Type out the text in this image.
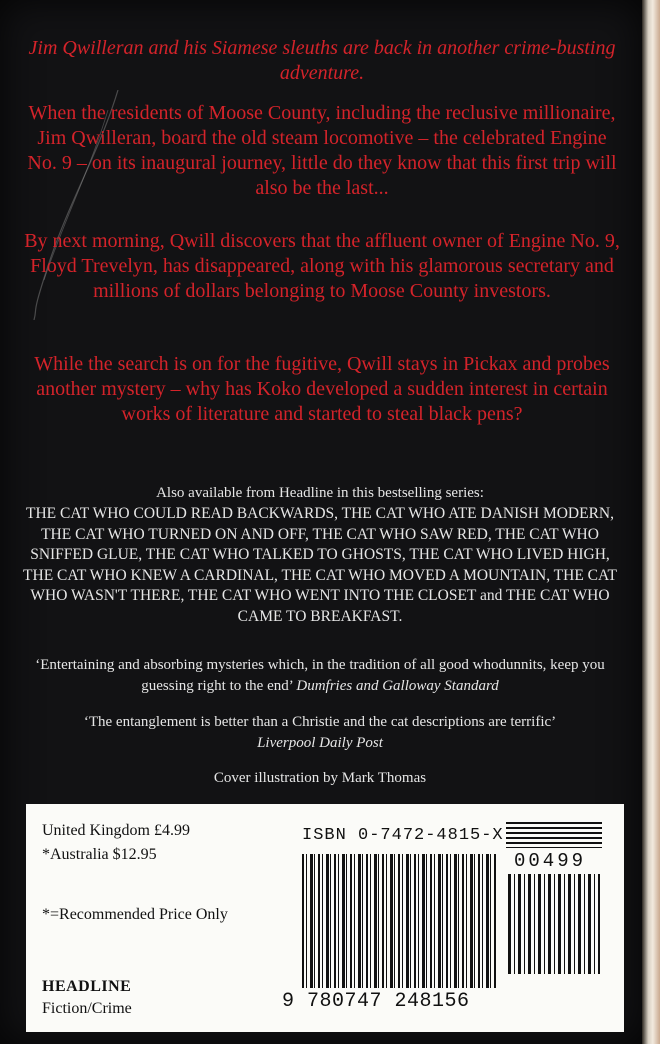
Jim Qwilleran and his Siamese sleuths are back in another crime-busting adventure.

When the residents of Moose County, including the reclusive millionaire, Jim Qwilleran, board the old steam locomotive – the celebrated Engine No. 9 – on its inaugural journey, little do they know that this first trip will also be the last...

By next morning, Qwill discovers that the affluent owner of Engine No. 9, Floyd Trevelyn, has disappeared, along with his glamorous secretary and millions of dollars belonging to Moose County investors.

While the search is on for the fugitive, Qwill stays in Pickax and probes another mystery – why has Koko developed a sudden interest in certain works of literature and started to steal black pens?

Also available from Headline in this bestselling series:

THE CAT WHO COULD READ BACKWARDS, THE CAT WHO ATE DANISH MODERN, THE CAT WHO TURNED ON AND OFF, THE CAT WHO SAW RED, THE CAT WHO SNIFFED GLUE, THE CAT WHO TALKED TO GHOSTS, THE CAT WHO LIVED HIGH, THE CAT WHO KNEW A CARDINAL, THE CAT WHO MOVED A MOUNTAIN, THE CAT WHO WASN'T THERE, THE CAT WHO WENT INTO THE CLOSET and THE CAT WHO CAME TO BREAKFAST.

‘Entertaining and absorbing mysteries which, in the tradition of all good whodunnits, keep you guessing right to the end’ Dumfries and Galloway Standard

‘The entanglement is better than a Christie and the cat descriptions are terrific’
Liverpool Daily Post

Cover illustration by Mark Thomas

United Kingdom £4.99

*Australia $12.95

*=Recommended Price Only

HEADLINE

Fiction/Crime

ISBN 0-7472-4815-X
00499
9 780747 248156
